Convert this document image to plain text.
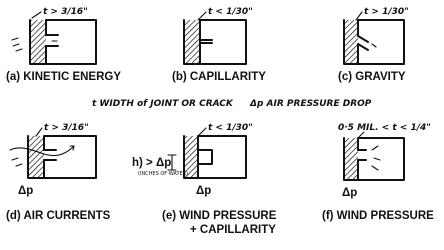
t > 3/16"
(a) KINETIC ENERGY
t < 1/30"
(b) CAPILLARITY
t > 1/30"
(c) GRAVITY
t WIDTH of JOINT OR CRACK Δp AIR PRESSURE DROP
t > 3/16"
Δp
(d) AIR CURRENTS
t < 1/30"
h) > Δp
(INCHES OF WATER)
Δp
(e) WIND PRESSURE
+ CAPILLARITY
0·5 MIL. < t < 1/4"
Δp
(f) WIND PRESSURE
